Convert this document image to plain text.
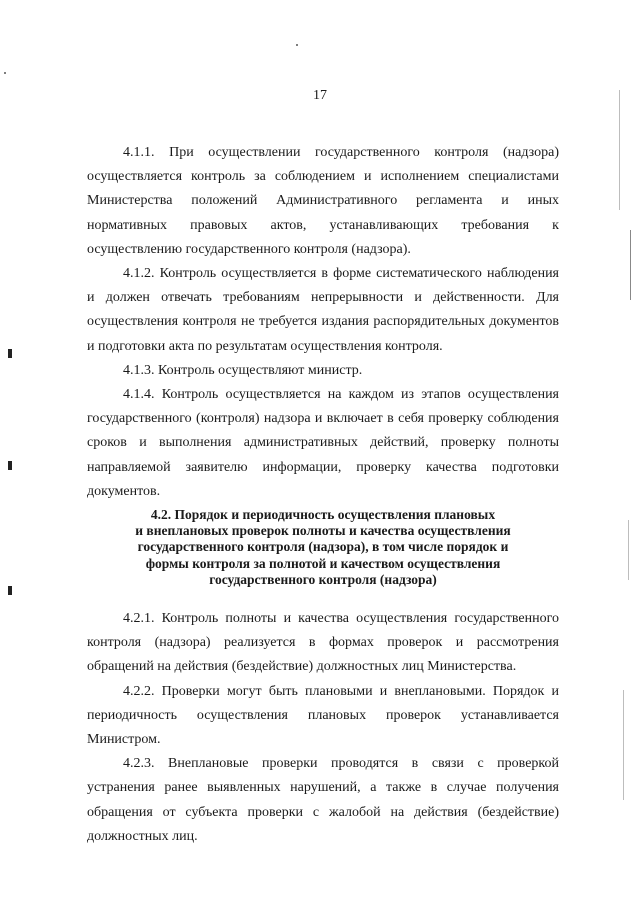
17

4.1.1. При осуществлении государственного контроля (надзора) осуществляется контроль за соблюдением и исполнением специалистами Министерства положений Административного регламента и иных нормативных правовых актов, устанавливающих требования к осуществлению государственного контроля (надзора).

4.1.2. Контроль осуществляется в форме систематического наблюдения и должен отвечать требованиям непрерывности и действенности. Для осуществления контроля не требуется издания распорядительных документов и подготовки акта по результатам осуществления контроля.

4.1.3. Контроль осуществляют министр.

4.1.4. Контроль осуществляется на каждом из этапов осуществления государственного (контроля) надзора и включает в себя проверку соблюдения сроков и выполнения административных действий, проверку полноты направляемой заявителю информации, проверку качества подготовки документов.

4.2. Порядок и периодичность осуществления плановых
и внеплановых проверок полноты и качества осуществления
государственного контроля (надзора), в том числе порядок и
формы контроля за полнотой и качеством осуществления
государственного контроля (надзора)

4.2.1. Контроль полноты и качества осуществления государственного контроля (надзора) реализуется в формах проверок и рассмотрения обращений на действия (бездействие) должностных лиц Министерства.

4.2.2. Проверки могут быть плановыми и внеплановыми. Порядок и периодичность осуществления плановых проверок устанавливается Министром.

4.2.3. Внеплановые проверки проводятся в связи с проверкой устранения ранее выявленных нарушений, а также в случае получения обращения от субъекта проверки с жалобой на действия (бездействие) должностных лиц.
